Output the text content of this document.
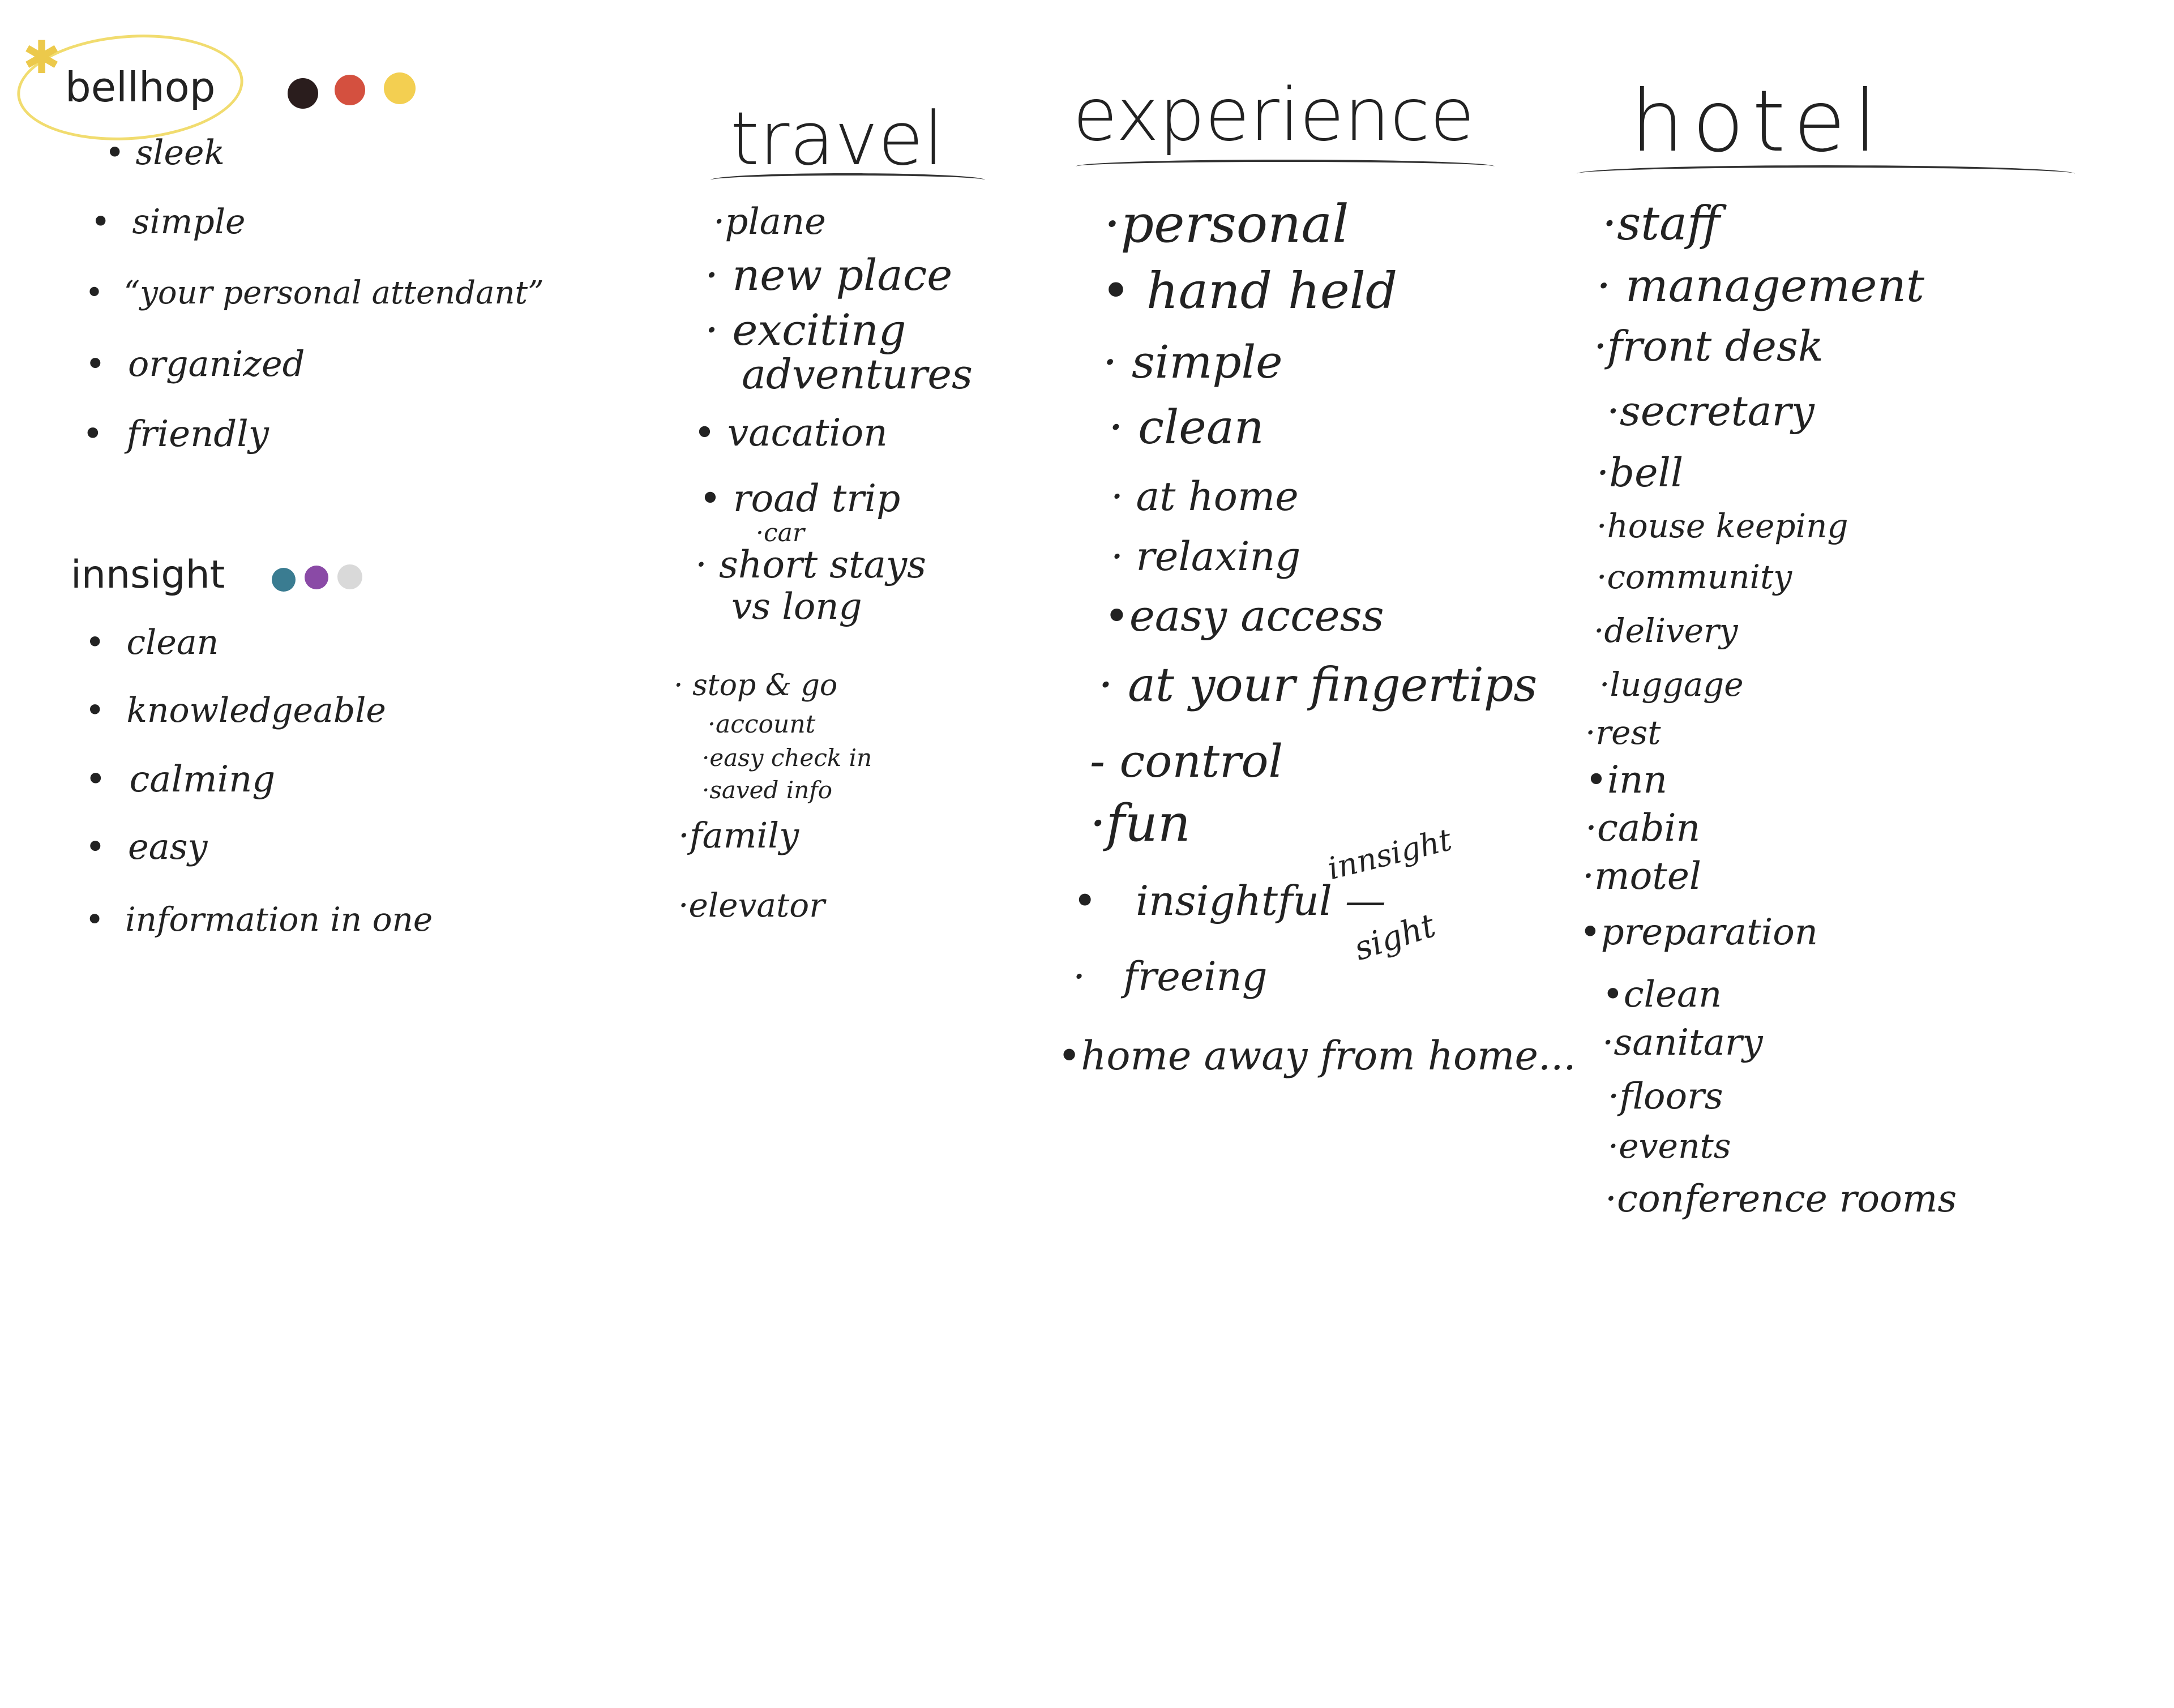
✱

bellhop

• sleek

•  simple

•  “your personal attendant”

•  organized

•  friendly

innsight

•  clean

•  knowledgeable

•  calming

•  easy

•  information in one

travel

·plane

· new place

· exciting

adventures

• vacation

• road trip

·car

· short stays

vs long

· stop & go

·account

·easy check in

·saved info

·family

·elevator

experience

·personal

• hand held

· simple

· clean

· at home

· relaxing

•easy access

· at your fingertips

- control

·fun

•   insightful —

·   freeing

•home away from home...

innsight

sight

hotel

·staff

· management

·front desk

·secretary

·bell

·house keeping

·community

·delivery

·luggage

·rest

•inn

·cabin

·motel

•preparation

•clean

·sanitary

·floors

·events

·conference rooms
